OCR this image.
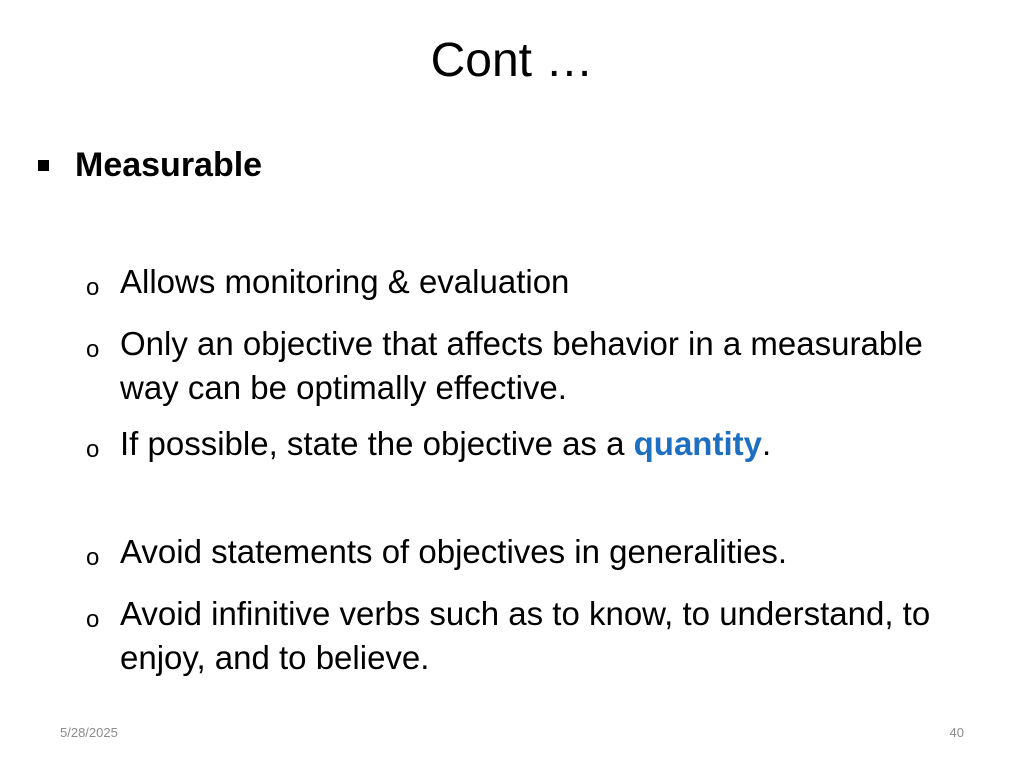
Cont …
Measurable
o Allows monitoring & evaluation
o Only an objective that affects behavior in a measurable way can be optimally effective.
o If possible, state the objective as a quantity.
o Avoid statements of objectives in generalities.
o Avoid infinitive verbs such as to know, to understand, to enjoy, and to believe.
5/28/2025	40
